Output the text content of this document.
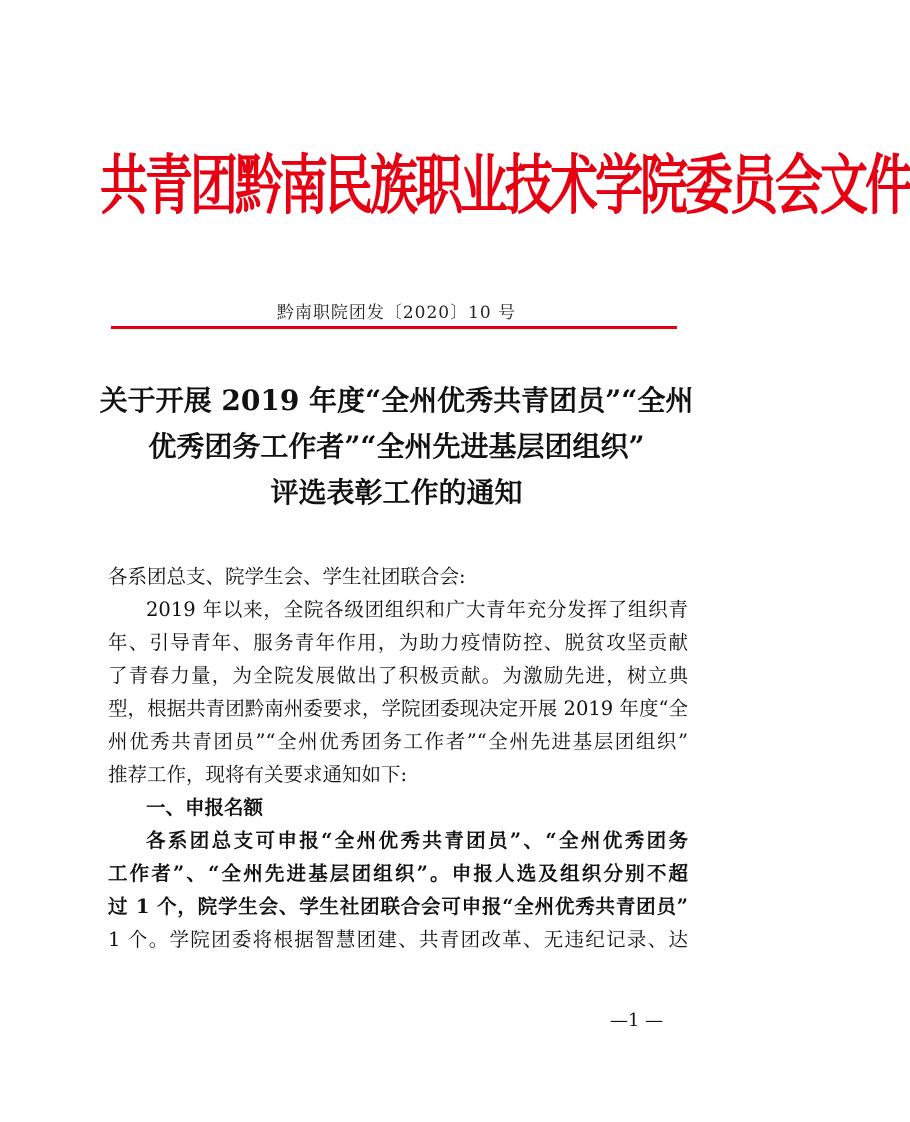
共青团黔南民族职业技术学院委员会文件
黔南职院团发〔2020〕10 号
关于开展 2019 年度“全州优秀共青团员”“全州
优秀团务工作者”“全州先进基层团组织”
评选表彰工作的通知
各系团总支、院学生会、学生社团联合会:
2019 年以来，全院各级团组织和广大青年充分发挥了组织青
年、引导青年、服务青年作用，为助力疫情防控、脱贫攻坚贡献
了青春力量，为全院发展做出了积极贡献。为激励先进，树立典
型，根据共青团黔南州委要求，学院团委现决定开展 2019 年度“全
州优秀共青团员”“全州优秀团务工作者”“全州先进基层团组织”
推荐工作，现将有关要求通知如下:
一、申报名额
各系团总支可申报“全州优秀共青团员”、“全州优秀团务
工作者”、“全州先进基层团组织”。申报人选及组织分别不超
过 1 个，院学生会、学生社团联合会可申报“全州优秀共青团员”
1 个。学院团委将根据智慧团建、共青团改革、无违纪记录、达
—1 —
